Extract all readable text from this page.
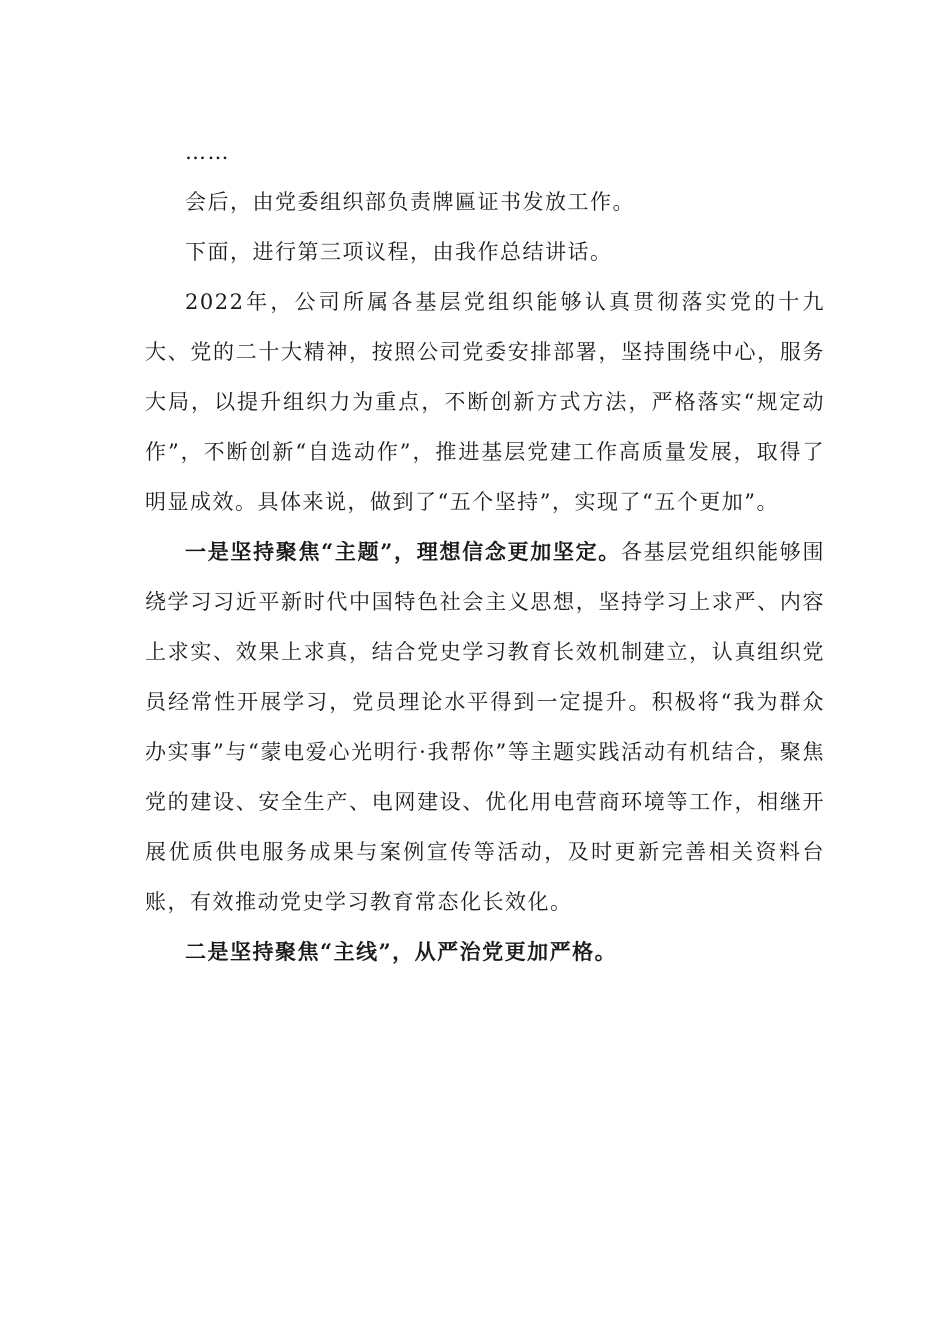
……

会后，由党委组织部负责牌匾证书发放工作。

下面，进行第三项议程，由我作总结讲话。

2022年，公司所属各基层党组织能够认真贯彻落实党的十九大、党的二十大精神，按照公司党委安排部署，坚持围绕中心，服务大局，以提升组织力为重点，不断创新方式方法，严格落实“规定动作”，不断创新“自选动作”，推进基层党建工作高质量发展，取得了明显成效。具体来说，做到了“五个坚持”，实现了“五个更加”。

一是坚持聚焦“主题”，理想信念更加坚定。各基层党组织能够围绕学习习近平新时代中国特色社会主义思想，坚持学习上求严、内容上求实、效果上求真，结合党史学习教育长效机制建立，认真组织党员经常性开展学习，党员理论水平得到一定提升。积极将“我为群众办实事”与“蒙电爱心光明行·我帮你”等主题实践活动有机结合，聚焦党的建设、安全生产、电网建设、优化用电营商环境等工作，相继开展优质供电服务成果与案例宣传等活动，及时更新完善相关资料台账，有效推动党史学习教育常态化长效化。

二是坚持聚焦“主线”，从严治党更加严格。
